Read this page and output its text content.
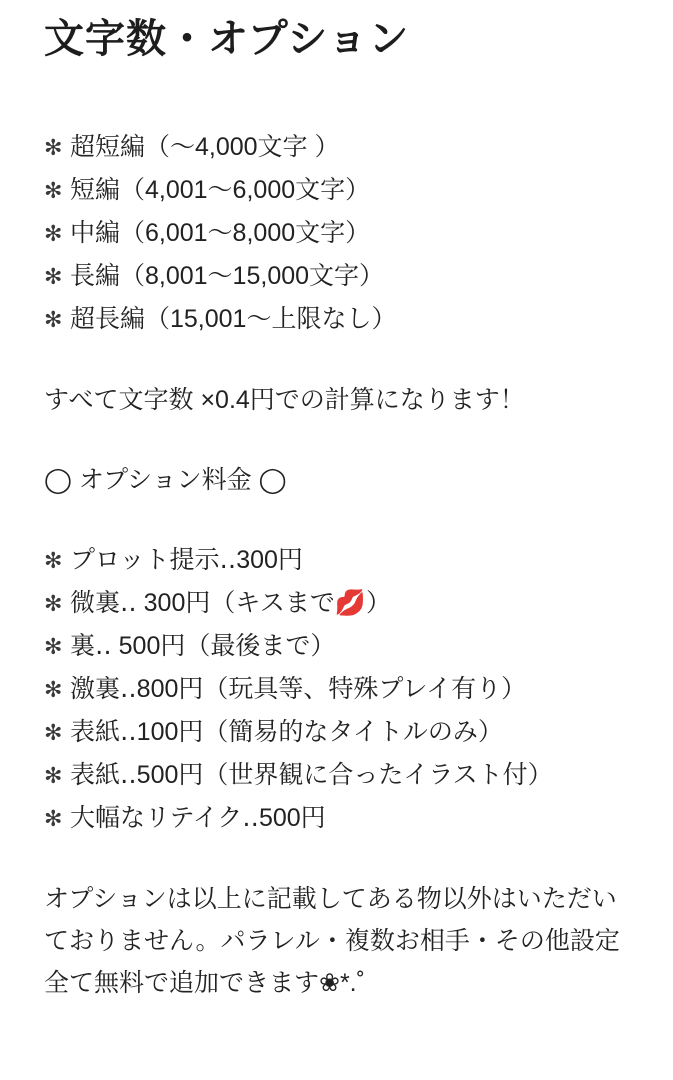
文字数・オプション
✻ 超短編（〜4,000文字 ）
✻ 短編（4,001〜6,000文字）
✻ 中編（6,001〜8,000文字）
✻ 長編（8,001〜15,000文字）
✻ 超長編（15,001〜上限なし）

すべて文字数 ×0.4円での計算になります！

◯ オプション料金 ◯

✻ プロット提示‥300円
✻ 微裏‥ 300円（キスまで💋）
✻ 裏‥ 500円（最後まで）
✻ 激裏‥800円（玩具等、特殊プレイ有り）
✻ 表紙‥100円（簡易的なタイトルのみ）
✻ 表紙‥500円（世界観に合ったイラスト付）
✻ 大幅なリテイク‥500円

オプションは以上に記載してある物以外はいただいておりません。パラレル・複数お相手・その他設定全て無料で追加できます❀*.˚
